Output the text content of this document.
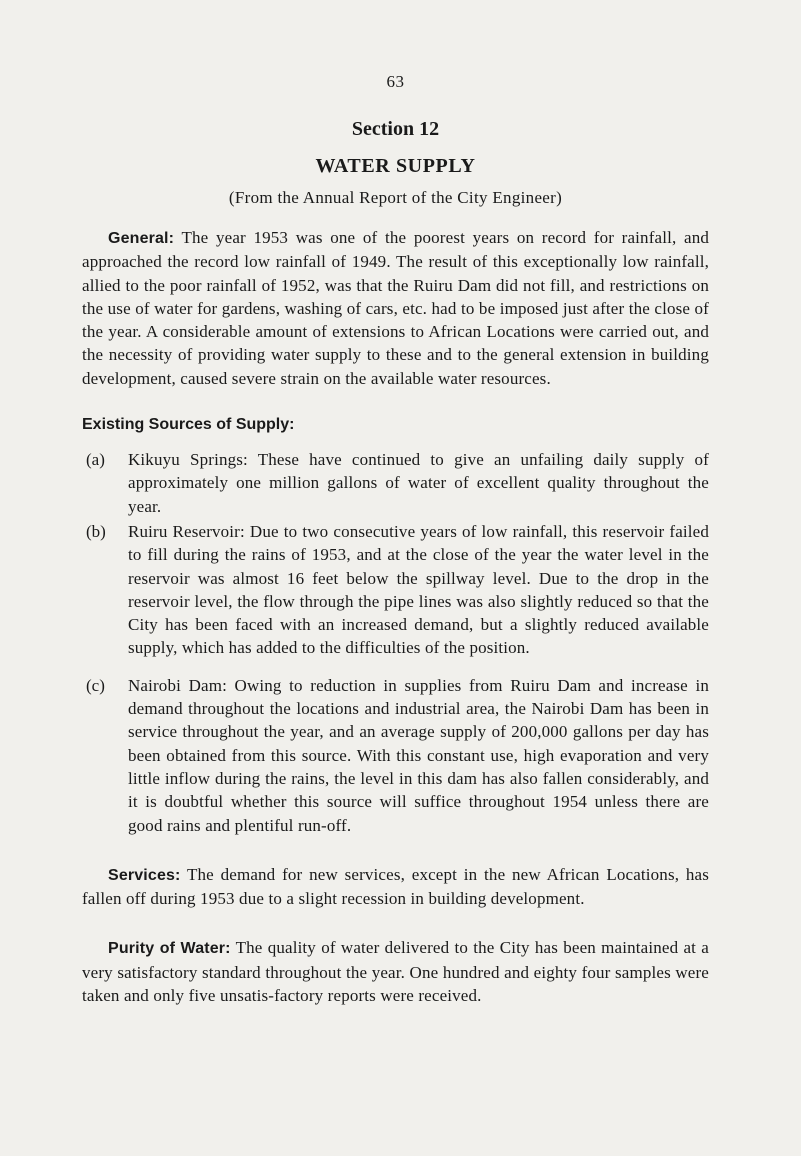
63
Section 12
WATER SUPPLY
(From the Annual Report of the City Engineer)

General: The year 1953 was one of the poorest years on record for rainfall, and approached the record low rainfall of 1949. The result of this exceptionally low rainfall, allied to the poor rainfall of 1952, was that the Ruiru Dam did not fill, and restrictions on the use of water for gardens, washing of cars, etc. had to be imposed just after the close of the year. A considerable amount of extensions to African Locations were carried out, and the necessity of providing water supply to these and to the general extension in building development, caused severe strain on the available water resources.

Existing Sources of Supply:
(a)	Kikuyu Springs: These have continued to give an unfailing daily supply of approximately one million gallons of water of excellent quality throughout the year.

(b)	Ruiru Reservoir: Due to two consecutive years of low rainfall, this reservoir failed to fill during the rains of 1953, and at the close of the year the water level in the reservoir was almost 16 feet below the spillway level. Due to the drop in the reservoir level, the flow through the pipe lines was also slightly reduced so that the City has been faced with an increased demand, but a slightly reduced available supply, which has added to the difficulties of the position.

(c)	Nairobi Dam: Owing to reduction in supplies from Ruiru Dam and increase in demand throughout the locations and industrial area, the Nairobi Dam has been in service throughout the year, and an average supply of 200,000 gallons per day has been obtained from this source. With this constant use, high evaporation and very little inflow during the rains, the level in this dam has also fallen considerably, and it is doubtful whether this source will suffice throughout 1954 unless there are good rains and plentiful run-off.

Services: The demand for new services, except in the new African Locations, has fallen off during 1953 due to a slight recession in building development.

Purity of Water: The quality of water delivered to the City has been maintained at a very satisfactory standard throughout the year. One hundred and eighty four samples were taken and only five unsatis-factory reports were received.
